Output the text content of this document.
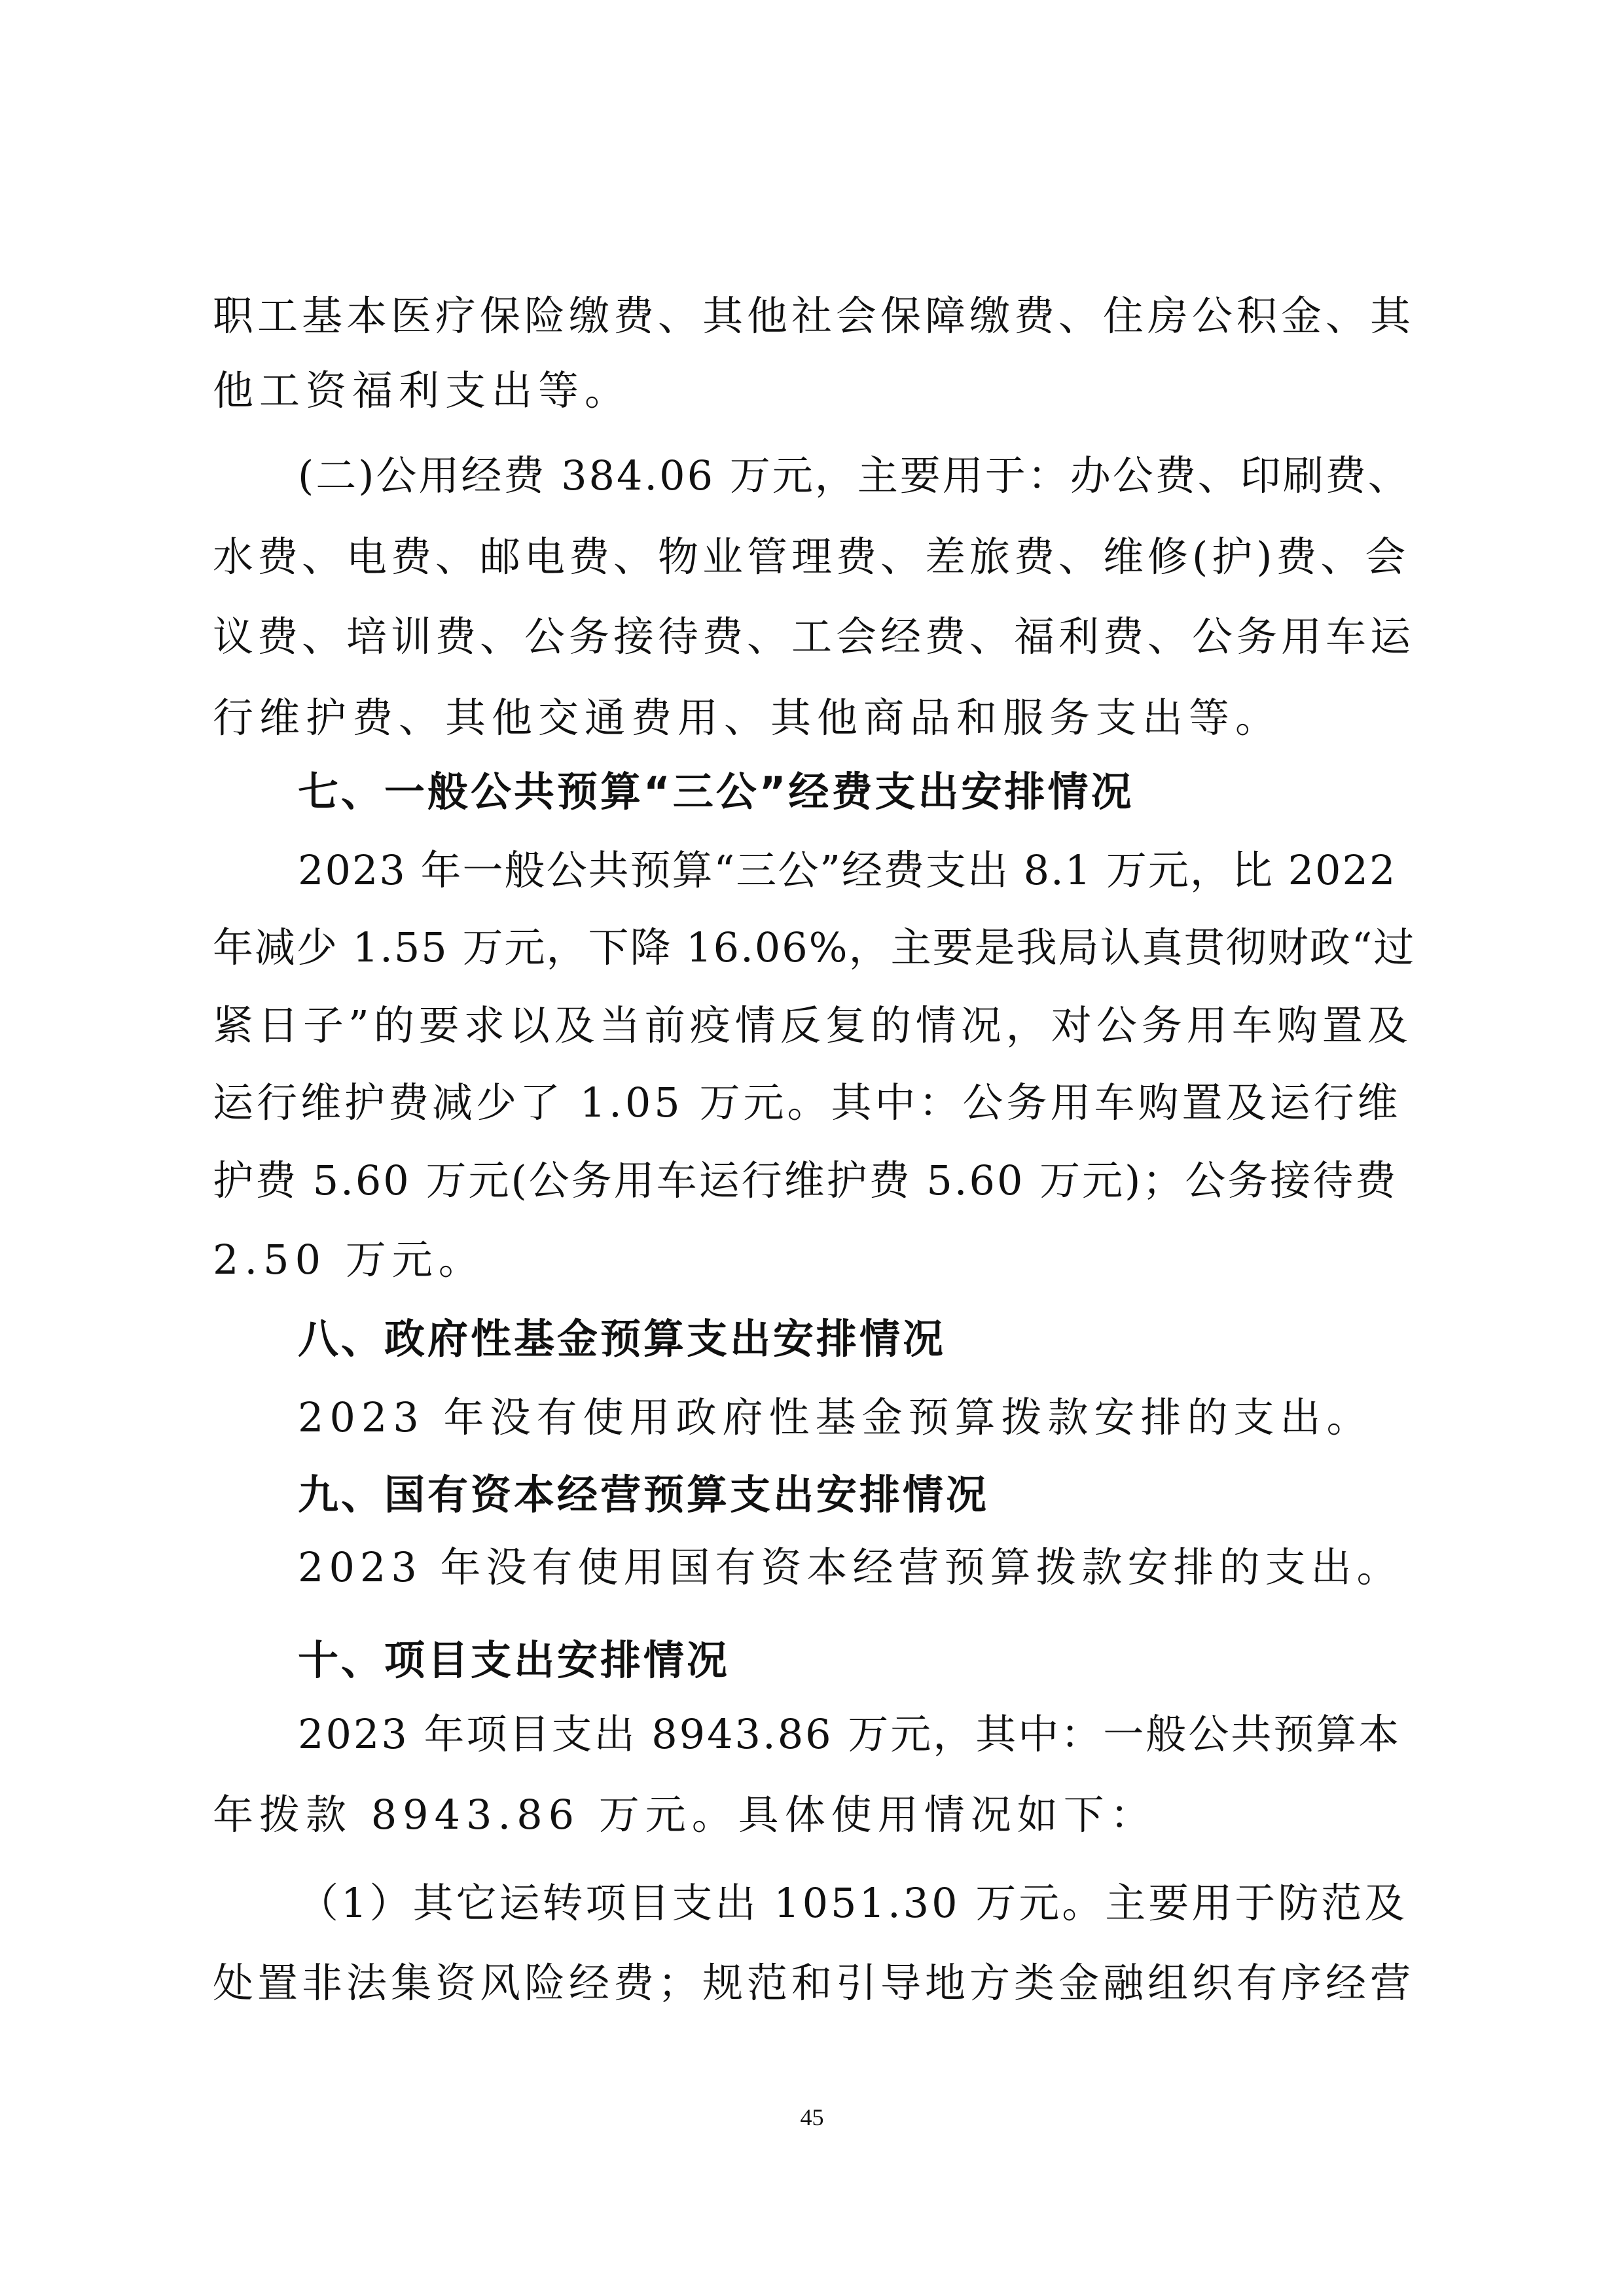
职工基本医疗保险缴费、其他社会保障缴费、住房公积金、其
他工资福利支出等。
(二)公用经费 384.06 万元，主要用于：办公费、印刷费、
水费、电费、邮电费、物业管理费、差旅费、维修(护)费、会
议费、培训费、公务接待费、工会经费、福利费、公务用车运
行维护费、其他交通费用、其他商品和服务支出等。
七、一般公共预算“三公”经费支出安排情况
2023 年一般公共预算“三公”经费支出 8.1 万元，比 2022
年减少 1.55 万元，下降 16.06%，主要是我局认真贯彻财政“过
紧日子”的要求以及当前疫情反复的情况，对公务用车购置及
运行维护费减少了 1.05 万元。其中：公务用车购置及运行维
护费 5.60 万元(公务用车运行维护费 5.60 万元)；公务接待费
2.50 万元。
八、政府性基金预算支出安排情况
2023 年没有使用政府性基金预算拨款安排的支出。
九、国有资本经营预算支出安排情况
2023 年没有使用国有资本经营预算拨款安排的支出。
十、项目支出安排情况
2023 年项目支出 8943.86 万元，其中：一般公共预算本
年拨款 8943.86 万元。具体使用情况如下：
（1）其它运转项目支出 1051.30 万元。主要用于防范及
处置非法集资风险经费；规范和引导地方类金融组织有序经营
45
